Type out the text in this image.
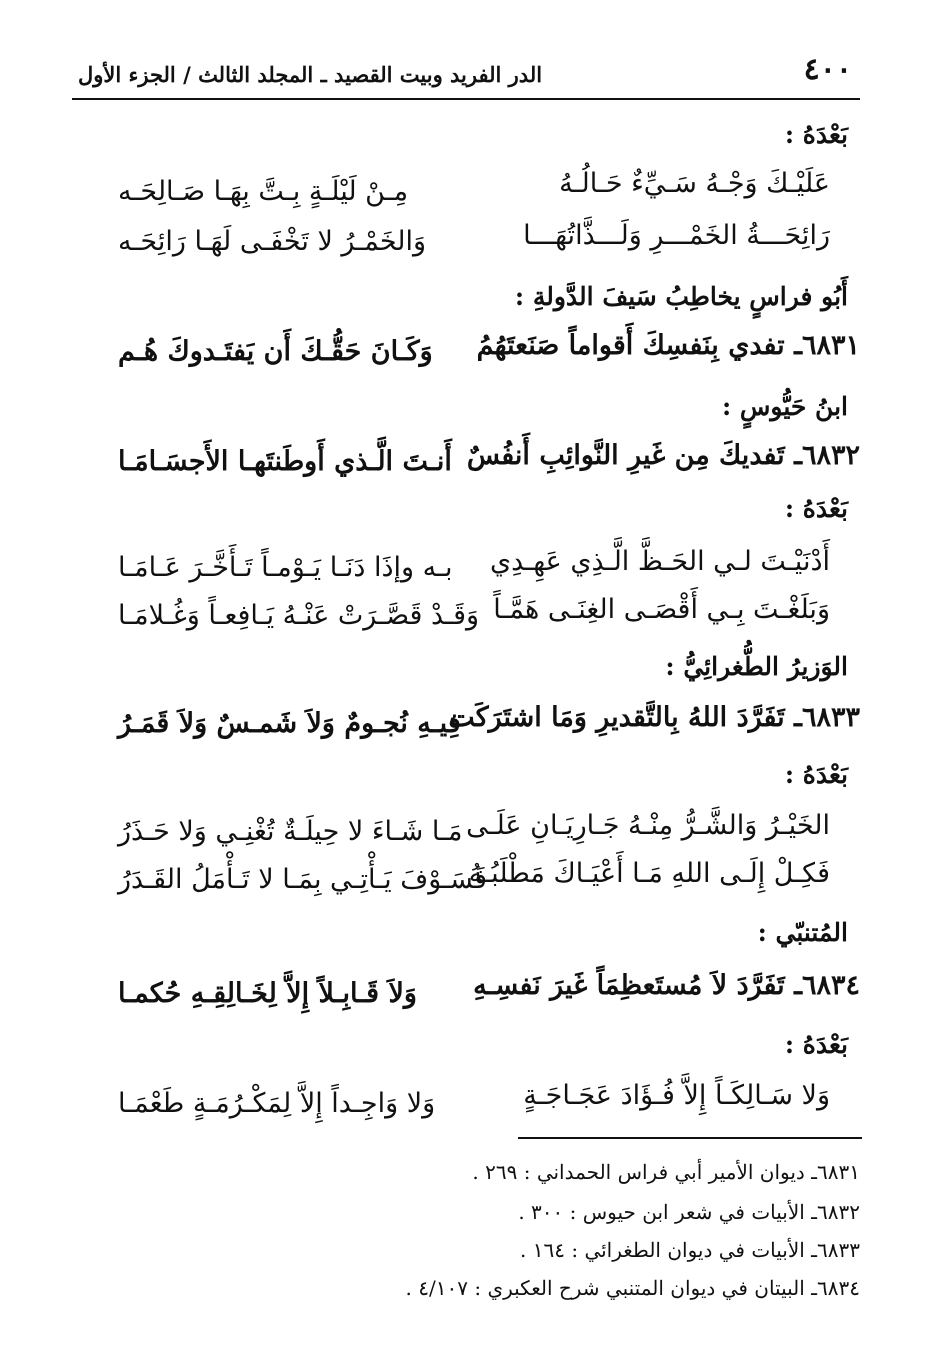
٤٠٠
الدر الفريد وبيت القصيد ـ المجلد الثالث / الجزء الأول
بَعْدَهُ :
عَلَيْـكَ وَجْـهُ سَـيِّءٌ حَـالُـهُ
مِـنْ لَيْلَـةٍ بِـتَّ بِهَـا صَـالِحَـه
رَائِحَـــةُ الخَمْـــرِ وَلَـــذَّاتُهَـــا
وَالخَمْـرُ لا تَخْفَـى لَهَـا رَائِحَـه
أَبُو فراسٍ يخاطِبُ سَيفَ الدَّولةِ :
٦٨٣١ـ تفدي بِنَفسِكَ أَقواماً صَنَعتَهُمُ
وَكَـانَ حَقُّـكَ أَن يَفتَـدوكَ هُـم
ابنُ حَيُّوسٍ :
٦٨٣٢ـ تَفديكَ مِن غَيرِ النَّوائِبِ أَنفُسٌ
أَنـتَ الَّـذي أَوطَنتَهـا الأَجسَـامَـا
بَعْدَهُ :
أَدْنَيْـتَ لـي الحَـظَّ الَّـذِي عَهِـدِي
بـه وإذَا دَنَـا يَـوْمـاً تَـأَخَّـرَ عَـامَـا
وَبَلَغْـتَ بِـي أَقْصَـى الغِنَـى هَمَّـاً
وَقَـدْ قَصَّـرَتْ عَنْـهُ يَـافِعـاً وَغُـلامَـا
الوَزيرُ الطُّغرائِيُّ :
٦٨٣٣ـ تَفَرَّدَ اللهُ بِالتَّقديرِ وَمَا اشتَرَكَت
فِيـهِ نُجـومٌ وَلاَ شَمـسٌ وَلاَ قَمَـرُ
بَعْدَهُ :
الخَيْـرُ وَالشَّـرُّ مِنْـهُ جَـارِيَـانِ عَلَـى
مَـا شَـاءَ لا حِيلَـةٌ تُغْنِـي وَلا حَـذَرُ
فَكِـلْ إِلَـى اللهِ مَـا أَعْيَـاكَ مَطْلَبُـهُ
فَسَـوْفَ يَـأْتِـي بِمَـا لا تَـأْمَلُ القَـدَرُ
المُتنبّي :
٦٨٣٤ـ تَفَرَّدَ لاَ مُستَعظِمَاً غَيرَ نَفسِـهِ
وَلاَ قَـابِـلاً إِلاَّ لِخَـالِقِـهِ حُكمـا
بَعْدَهُ :
وَلا سَـالِكَـاً إِلاَّ فُـؤَادَ عَجَـاجَـةٍ
وَلا وَاجِـداً إِلاَّ لِمَكْـرُمَـةٍ طَعْمَـا
٦٨٣١ـ ديوان الأمير أبي فراس الحمداني : ٢٦٩ .
٦٨٣٢ـ الأبيات في شعر ابن حيوس : ٣٠٠ .
٦٨٣٣ـ الأبيات في ديوان الطغرائي : ١٦٤ .
٦٨٣٤ـ البيتان في ديوان المتنبي شرح العكبري : ٤/١٠٧ .
